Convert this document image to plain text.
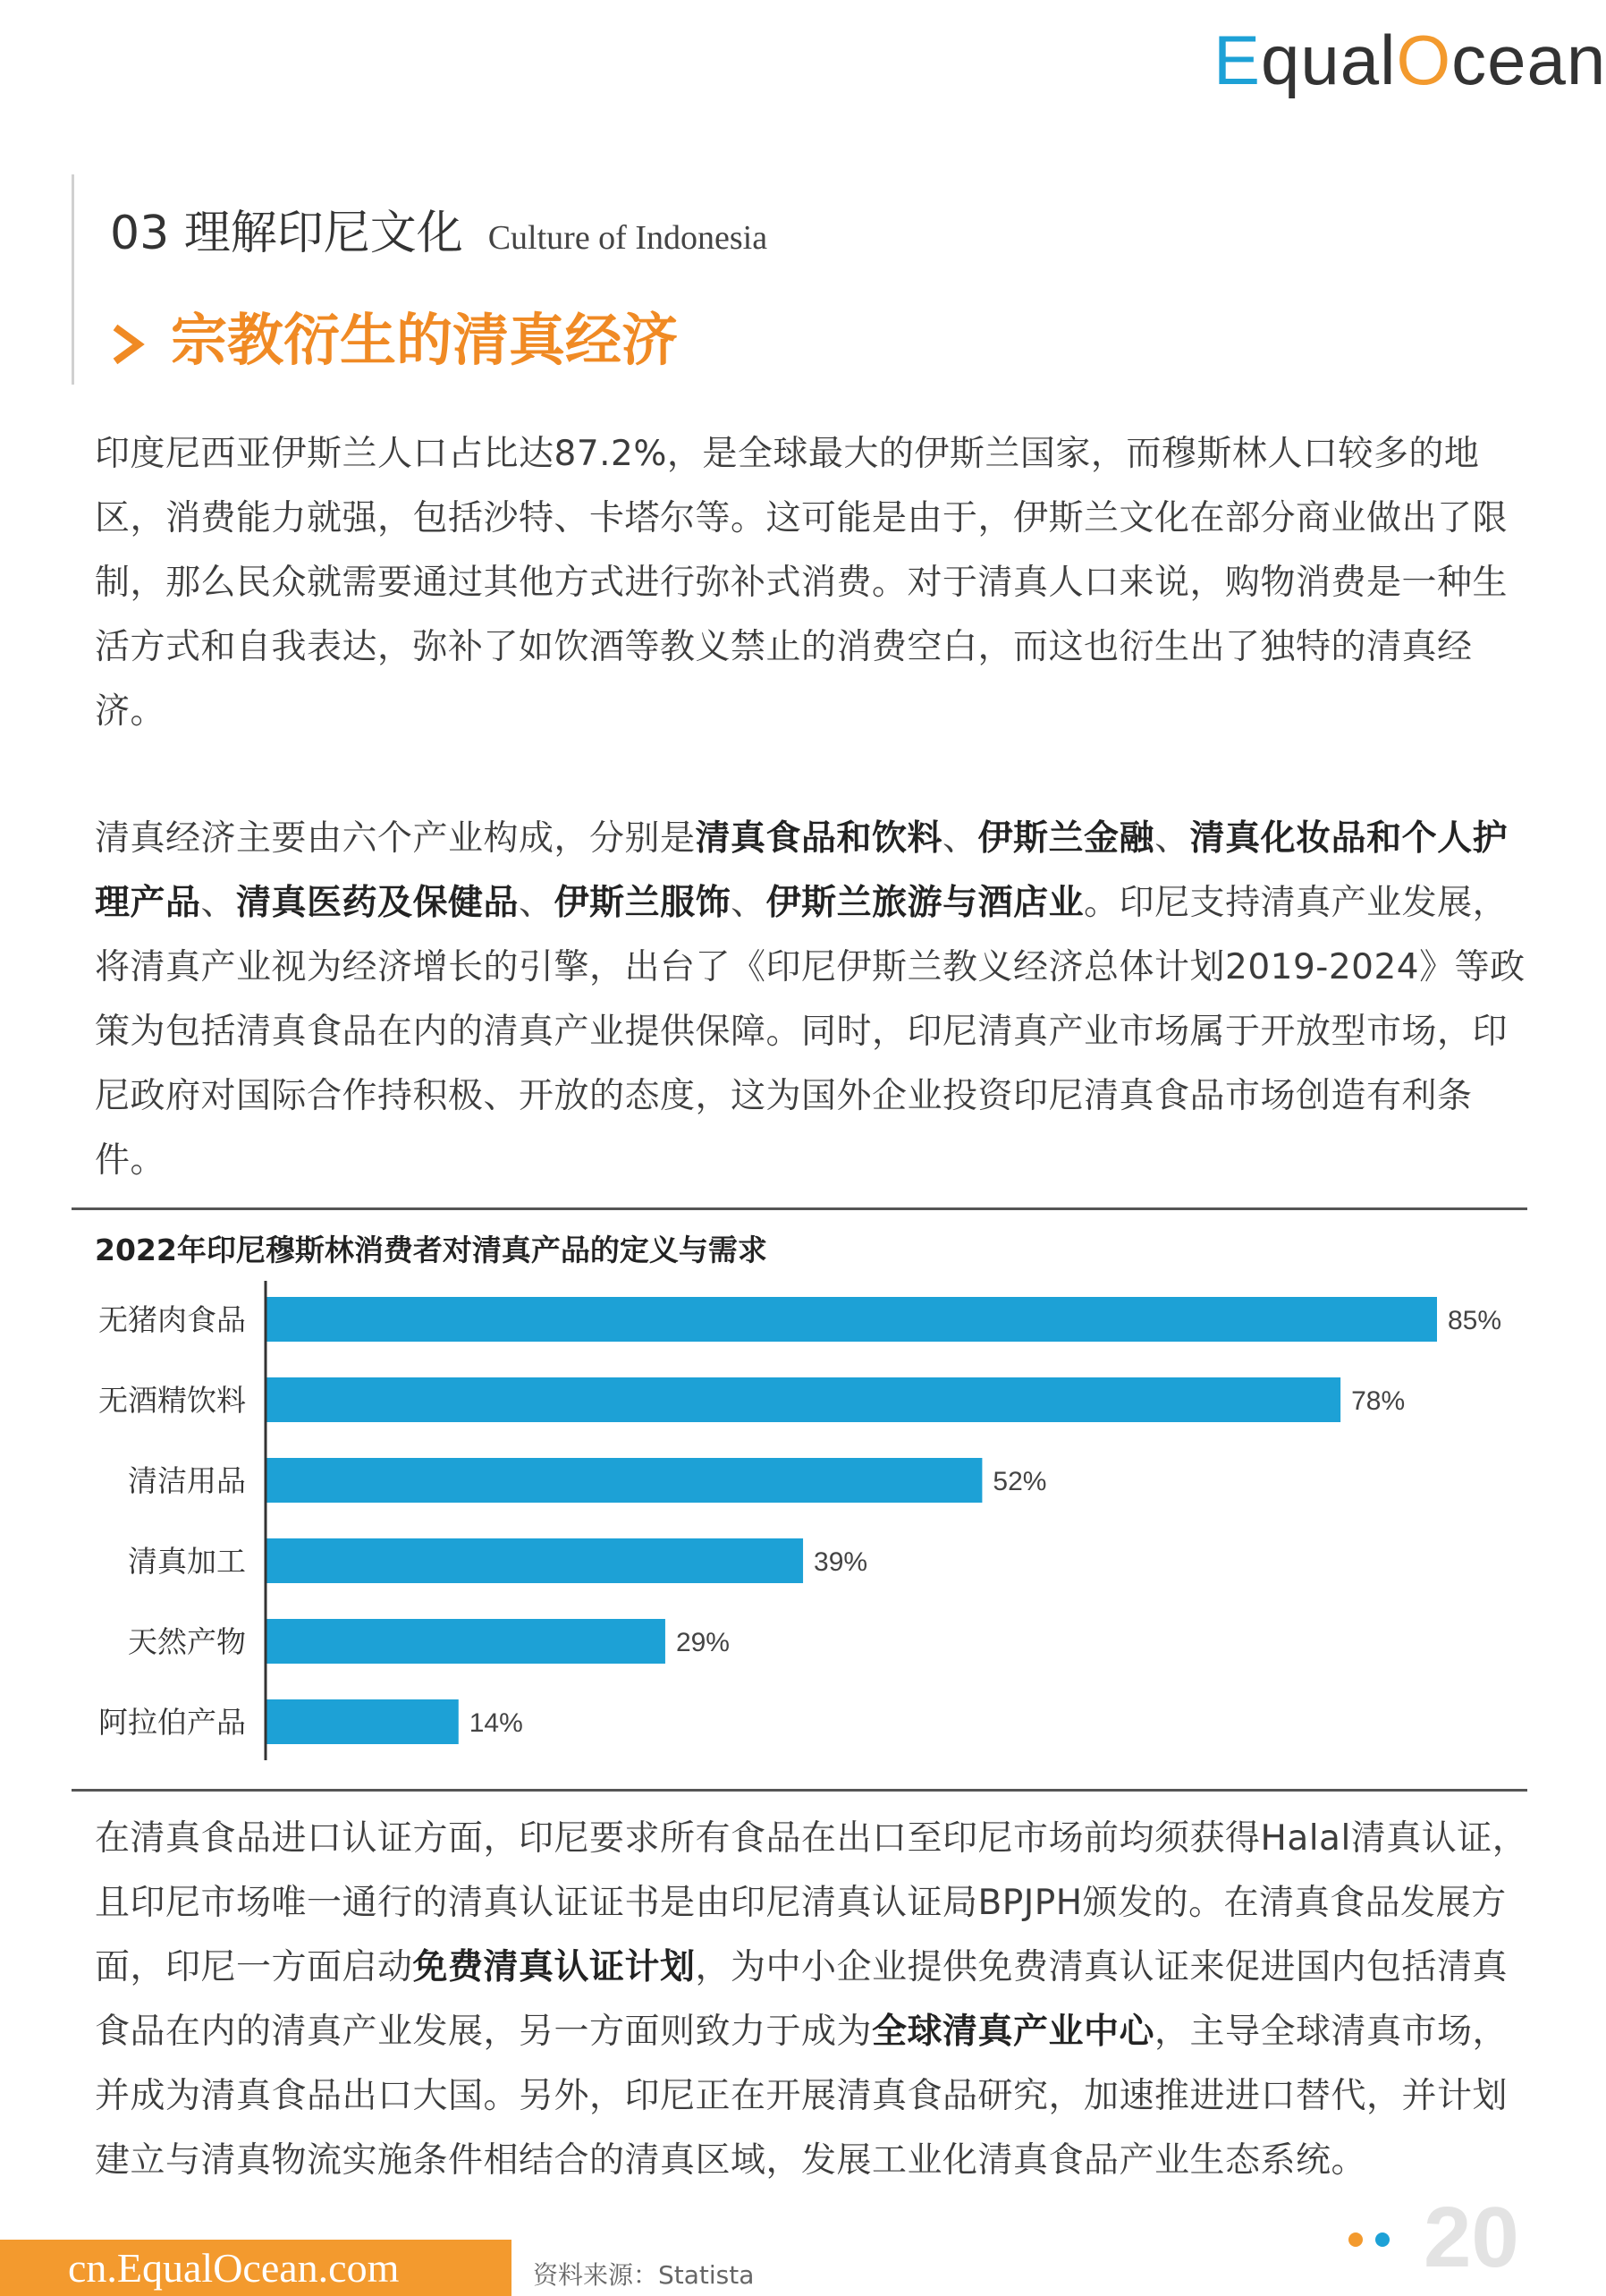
EqualOcean
03 理解印尼文化 Culture of Indonesia
宗教衍生的清真经济
印度尼西亚伊斯兰人口占比达87.2%，是全球最大的伊斯兰国家，而穆斯林人口较多的地区，消费能力就强，包括沙特、卡塔尔等。这可能是由于，伊斯兰文化在部分商业做出了限制，那么民众就需要通过其他方式进行弥补式消费。对于清真人口来说，购物消费是一种生活方式和自我表达，弥补了如饮酒等教义禁止的消费空白，而这也衍生出了独特的清真经济。
清真经济主要由六个产业构成，分别是清真食品和饮料、伊斯兰金融、清真化妆品和个人护理产品、清真医药及保健品、伊斯兰服饰、伊斯兰旅游与酒店业。印尼支持清真产业发展，将清真产业视为经济增长的引擎，出台了《印尼伊斯兰教义经济总体计划2019-2024》等政策为包括清真食品在内的清真产业提供保障。同时，印尼清真产业市场属于开放型市场，印尼政府对国际合作持积极、开放的态度，这为国外企业投资印尼清真食品市场创造有利条件。
2022年印尼穆斯林消费者对清真产品的定义与需求
无猪肉食品	85%
无酒精饮料	78%
清洁用品	52%
清真加工	39%
天然产物	29%
阿拉伯产品	14%
在清真食品进口认证方面，印尼要求所有食品在出口至印尼市场前均须获得Halal清真认证，且印尼市场唯一通行的清真认证证书是由印尼清真认证局BPJPH颁发的。在清真食品发展方面，印尼一方面启动免费清真认证计划，为中小企业提供免费清真认证来促进国内包括清真食品在内的清真产业发展，另一方面则致力于成为全球清真产业中心，主导全球清真市场，并成为清真食品出口大国。另外，印尼正在开展清真食品研究，加速推进进口替代，并计划建立与清真物流实施条件相结合的清真区域，发展工业化清真食品产业生态系统。
cn.EqualOcean.com	资料来源：Statista	20
